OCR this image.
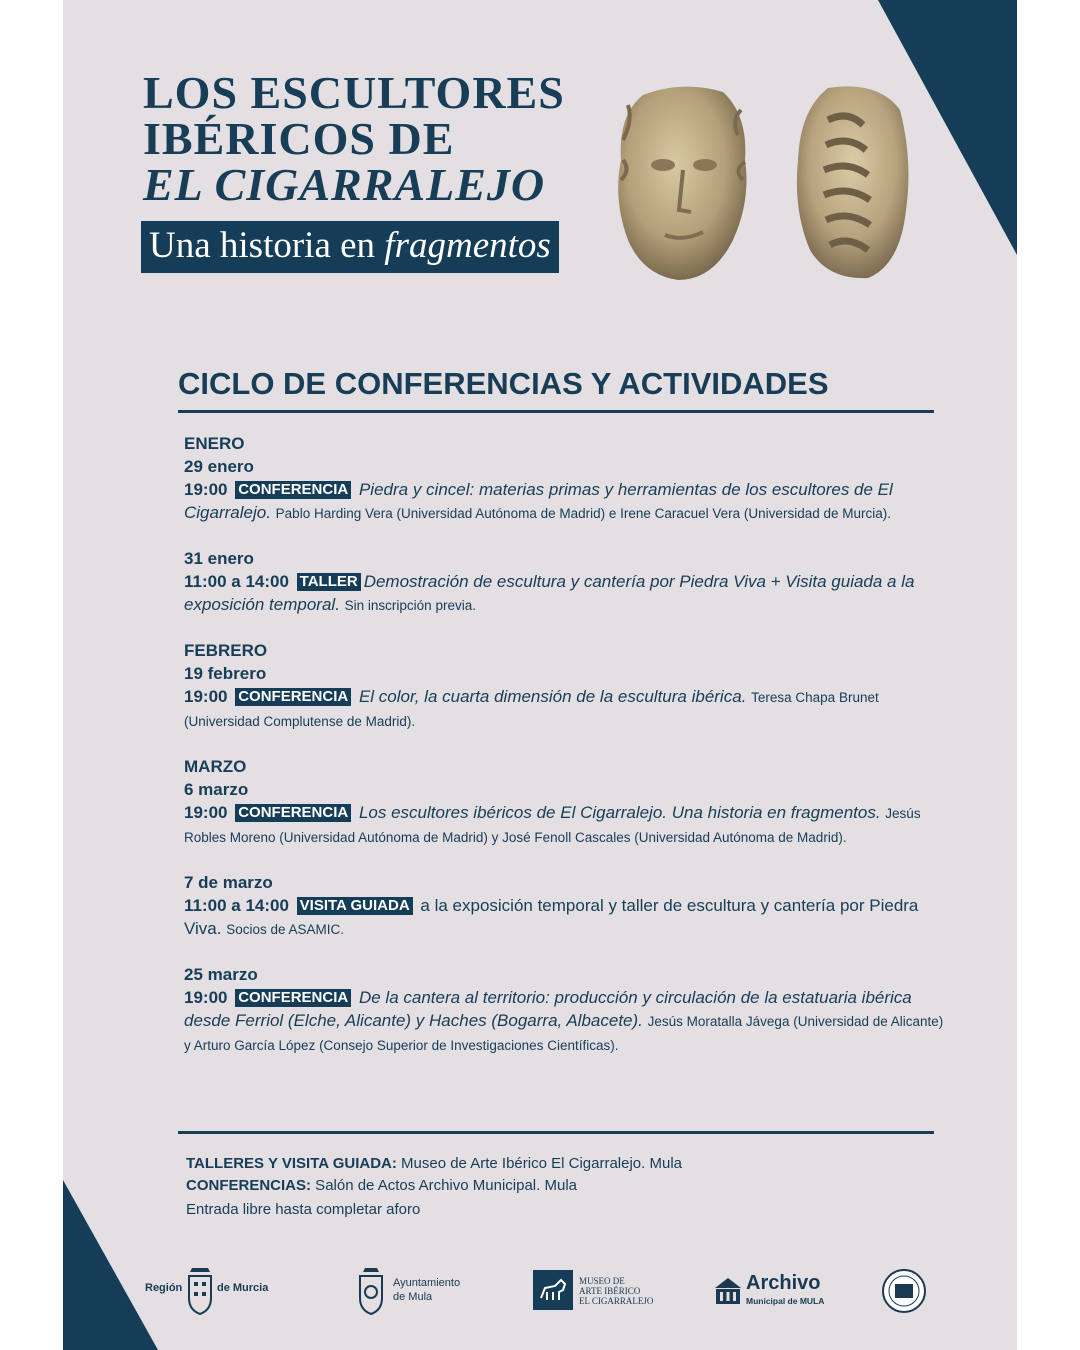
LOS ESCULTORES
IBÉRICOS DE
EL CIGARRALEJO
Una historia en fragmentos
CICLO DE CONFERENCIAS Y ACTIVIDADES

ENERO

29 enero

19:00 CONFERENCIA Piedra y cincel: materias primas y herramientas de los escultores de El Cigarralejo. Pablo Harding Vera (Universidad Autónoma de Madrid) e Irene Caracuel Vera (Universidad de Murcia).

31 enero

11:00 a 14:00 TALLER Demostración de escultura y cantería por Piedra Viva + Visita guiada a la exposición temporal. Sin inscripción previa.

FEBRERO

19 febrero

19:00 CONFERENCIA El color, la cuarta dimensión de la escultura ibérica. Teresa Chapa Brunet (Universidad Complutense de Madrid).

MARZO

6 marzo

19:00 CONFERENCIA Los escultores ibéricos de El Cigarralejo. Una historia en fragmentos. Jesús Robles Moreno (Universidad Autónoma de Madrid) y José Fenoll Cascales (Universidad Autónoma de Madrid).

7 de marzo

11:00 a 14:00 VISITA GUIADA a la exposición temporal y taller de escultura y cantería por Piedra Viva. Socios de ASAMIC.

25 marzo

19:00 CONFERENCIA De la cantera al territorio: producción y circulación de la estatuaria ibérica desde Ferriol (Elche, Alicante) y Haches (Bogarra, Albacete). Jesús Moratalla Jávega (Universidad de Alicante) y Arturo García López (Consejo Superior de Investigaciones Científicas).

TALLERES Y VISITA GUIADA: Museo de Arte Ibérico El Cigarralejo. Mula
CONFERENCIAS: Salón de Actos Archivo Municipal. Mula
Entrada libre hasta completar aforo
Región	de Murcia	Ayuntamiento
de Mula
MUSEO DE
ARTE IBÉRICO
EL CIGARRALEJO
Archivo
Municipal de MULA
